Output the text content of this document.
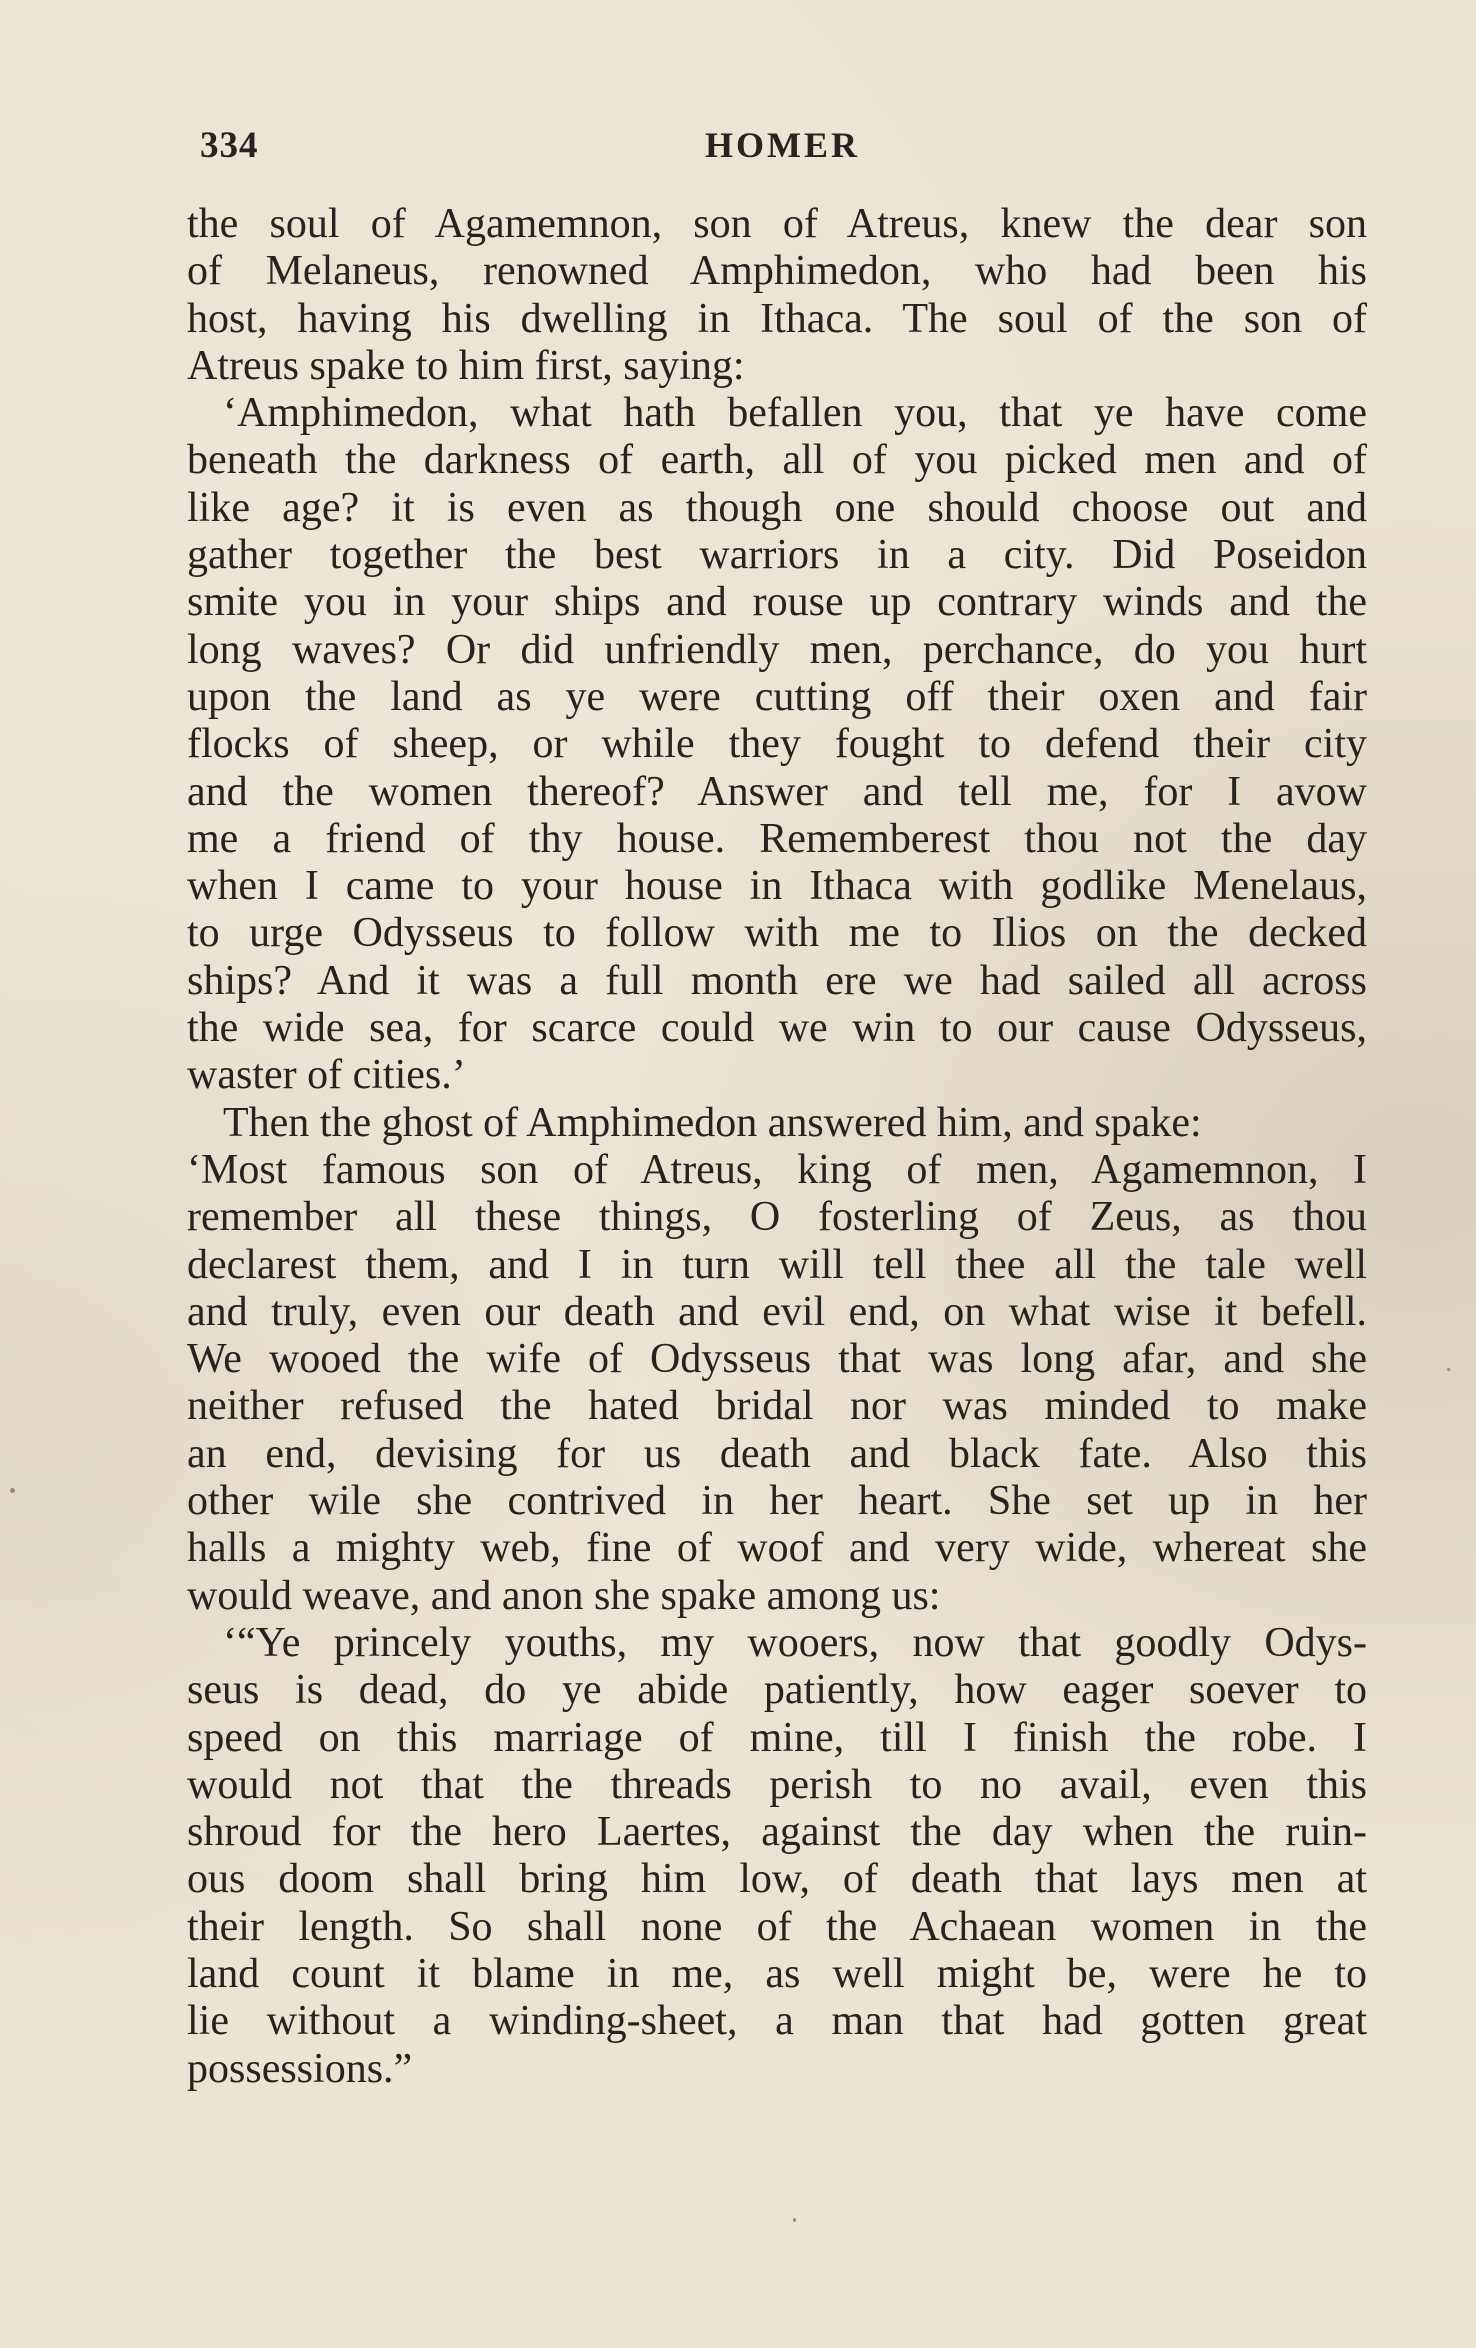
334	HOMER
the soul of Agamemnon, son of Atreus, knew the dear son
of Melaneus, renowned Amphimedon, who had been his
host, having his dwelling in Ithaca. The soul of the son of
Atreus spake to him first, saying:
‘Amphimedon, what hath befallen you, that ye have come
beneath the darkness of earth, all of you picked men and of
like age? it is even as though one should choose out and
gather together the best warriors in a city. Did Poseidon
smite you in your ships and rouse up contrary winds and the
long waves? Or did unfriendly men, perchance, do you hurt
upon the land as ye were cutting off their oxen and fair
flocks of sheep, or while they fought to defend their city
and the women thereof? Answer and tell me, for I avow
me a friend of thy house. Rememberest thou not the day
when I came to your house in Ithaca with godlike Menelaus,
to urge Odysseus to follow with me to Ilios on the decked
ships? And it was a full month ere we had sailed all across
the wide sea, for scarce could we win to our cause Odysseus,
waster of cities.’
Then the ghost of Amphimedon answered him, and spake:
‘Most famous son of Atreus, king of men, Agamemnon, I
remember all these things, O fosterling of Zeus, as thou
declarest them, and I in turn will tell thee all the tale well
and truly, even our death and evil end, on what wise it befell.
We wooed the wife of Odysseus that was long afar, and she
neither refused the hated bridal nor was minded to make
an end, devising for us death and black fate. Also this
other wile she contrived in her heart. She set up in her
halls a mighty web, fine of woof and very wide, whereat she
would weave, and anon she spake among us:
‘“Ye princely youths, my wooers, now that goodly Odys-
seus is dead, do ye abide patiently, how eager soever to
speed on this marriage of mine, till I finish the robe. I
would not that the threads perish to no avail, even this
shroud for the hero Laertes, against the day when the ruin-
ous doom shall bring him low, of death that lays men at
their length. So shall none of the Achaean women in the
land count it blame in me, as well might be, were he to
lie without a winding-sheet, a man that had gotten great
possessions.”
